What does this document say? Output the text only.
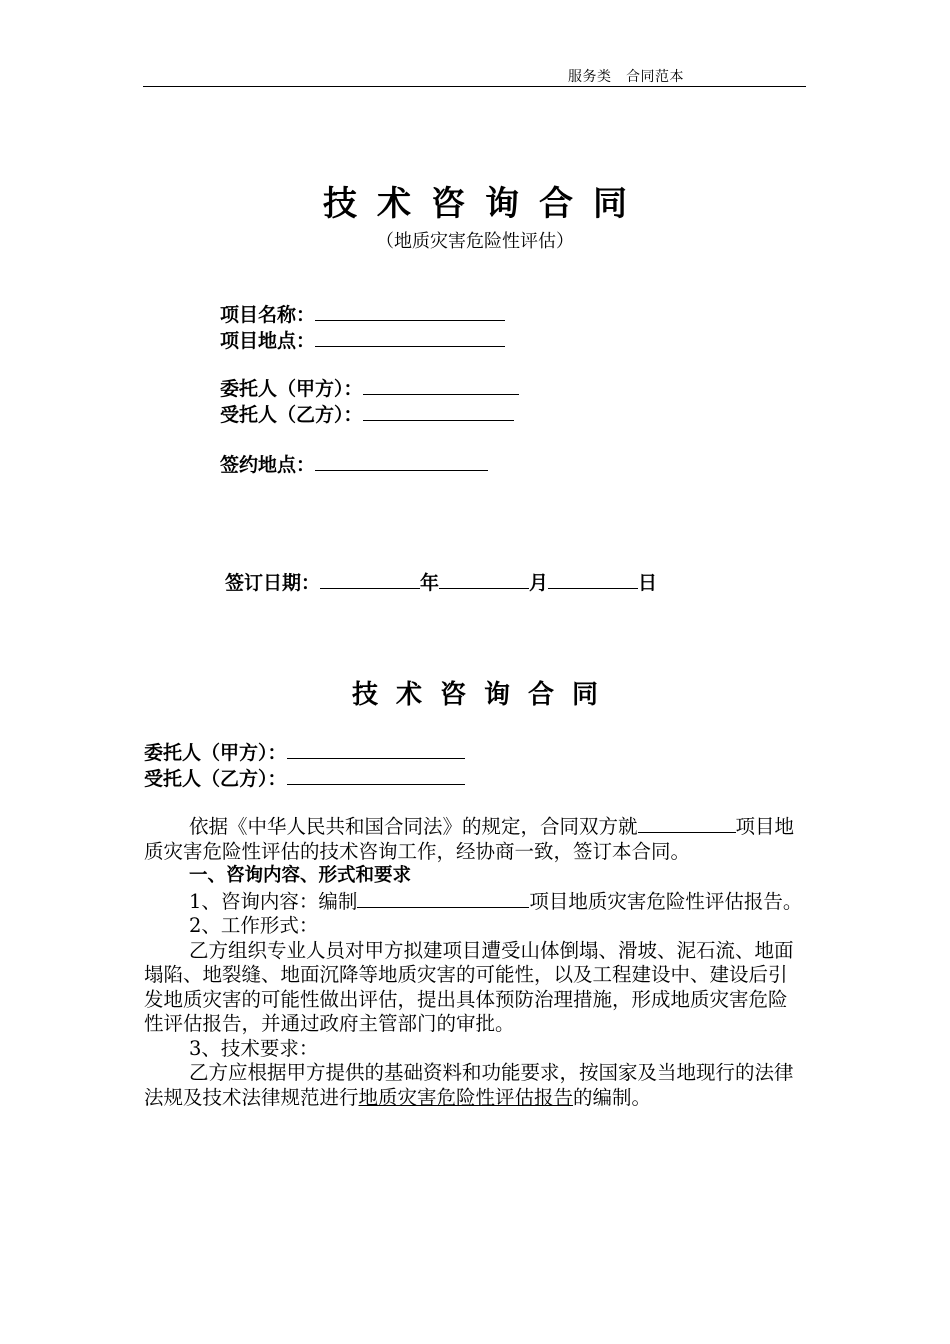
服务类　 合同范本
技术咨询合同
（地质灾害危险性评估）
项目名称：
项目地点：
委托人（甲方）：
受托人（乙方）：
签约地点：
签订日期：	年	月	日
技术咨询合同
委托人（甲方）：
受托人（乙方）：

依据《中华人民共和国合同法》的规定，合同双方就	项目地质灾害危险性评估的技术咨询工作，经协商一致，签订本合同。

一、咨询内容、形式和要求

1、咨询内容：编制	项目地质灾害危险性评估报告。

2、工作形式：

乙方组织专业人员对甲方拟建项目遭受山体倒塌、滑坡、泥石流、地面塌陷、地裂缝、地面沉降等地质灾害的可能性，以及工程建设中、建设后引发地质灾害的可能性做出评估，提出具体预防治理措施，形成地质灾害危险性评估报告，并通过政府主管部门的审批。

3、技术要求：

乙方应根据甲方提供的基础资料和功能要求，按国家及当地现行的法律法规及技术法律规范进行地质灾害危险性评估报告的编制。
